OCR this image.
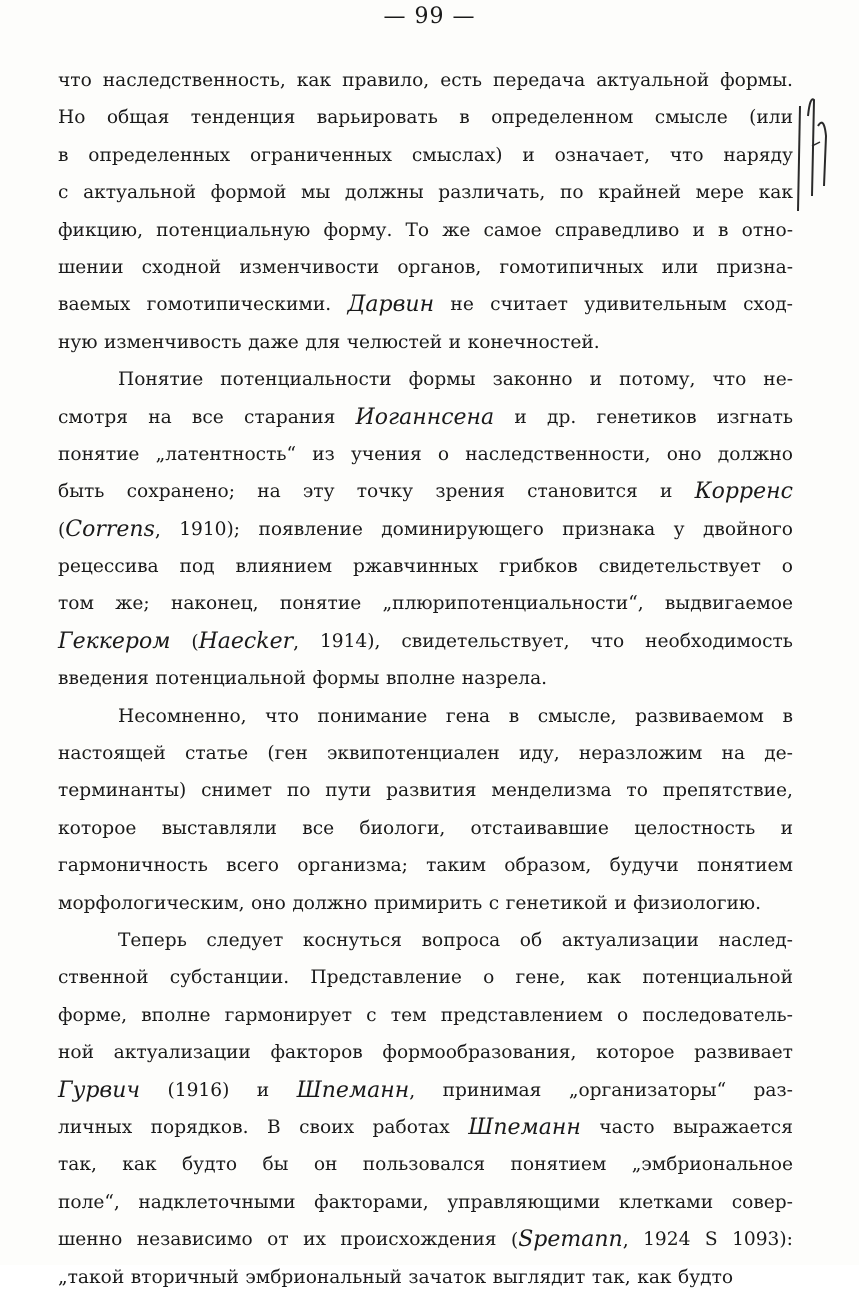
— 99 —
что наследственность, как правило, есть передача актуальной формы.
Но общая тенденция варьировать в определенном смысле (или
в определенных ограниченных смыслах) и означает, что наряду
с актуальной формой мы должны различать, по крайней мере как
фикцию, потенциальную форму. То же самое справедливо и в отно-
шении сходной изменчивости органов, гомотипичных или призна-
ваемых гомотипическими. Дарвин не считает удивительным сход-
ную изменчивость даже для челюстей и конечностей.
Понятие потенциальности формы законно и потому, что не-
смотря на все старания Иоганнсена и др. генетиков изгнать
понятие „латентность“ из учения о наследственности, оно должно
быть сохранено; на эту точку зрения становится и Корренс
(Correns, 1910); появление доминирующего признака у двойного
рецессива под влиянием ржавчинных грибков свидетельствует о
том же; наконец, понятие „плюрипотенциальности“, выдвигаемое
Геккером (Haecker, 1914), свидетельствует, что необходимость
введения потенциальной формы вполне назрела.
Несомненно, что понимание гена в смысле, развиваемом в
настоящей статье (ген эквипотенциален иду, неразложим на де-
терминанты) снимет по пути развития менделизма то препятствие,
которое выставляли все биологи, отстаивавшие целостность и
гармоничность всего организма; таким образом, будучи понятием
морфологическим, оно должно примирить с генетикой и физиологию.
Теперь следует коснуться вопроса об актуализации наслед-
ственной субстанции. Представление о гене, как потенциальной
форме, вполне гармонирует с тем представлением о последователь-
ной актуализации факторов формообразования, которое развивает
Гурвич (1916) и Шпеманн, принимая „организаторы“ раз-
личных порядков. В своих работах Шпеманн часто выражается
так, как будто бы он пользовался понятием „эмбриональное
поле“, надклеточными факторами, управляющими клетками совер-
шенно независимо от их происхождения (Spemann, 1924 S 1093):
„такой вторичный эмбриональный зачаток выглядит так, как будто
